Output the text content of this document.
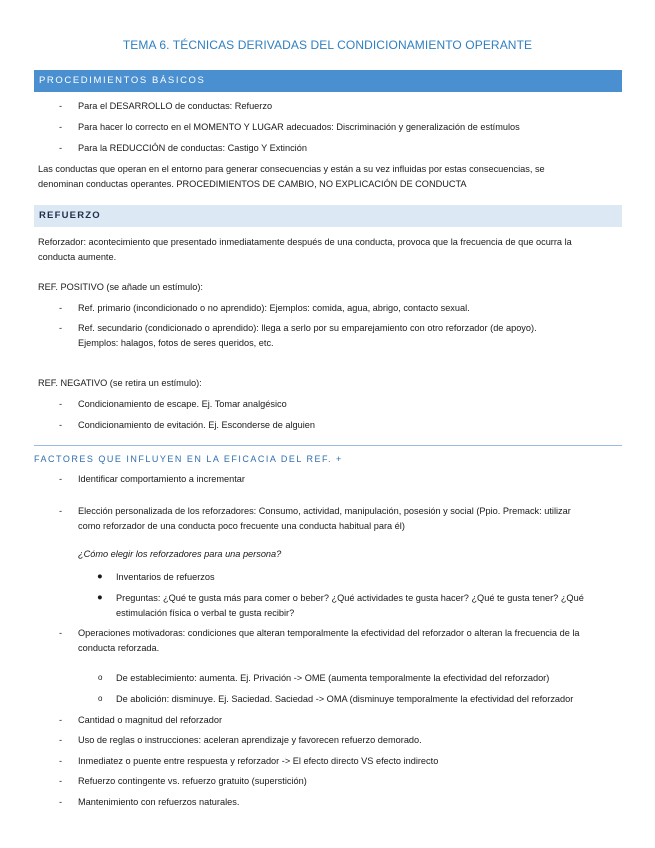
TEMA 6. TÉCNICAS DERIVADAS DEL CONDICIONAMIENTO OPERANTE
PROCEDIMIENTOS BÁSICOS
- Para el DESARROLLO de conductas: Refuerzo
- Para hacer lo correcto en el MOMENTO Y LUGAR adecuados: Discriminación y generalización de estímulos
- Para la REDUCCIÓN de conductas: Castigo Y Extinción
Las conductas que operan en el entorno para generar consecuencias y están a su vez influidas por estas consecuencias, se
denominan conductas operantes. PROCEDIMIENTOS DE CAMBIO, NO EXPLICACIÓN DE CONDUCTA
REFUERZO
Reforzador: acontecimiento que presentado inmediatamente después de una conducta, provoca que la frecuencia de que ocurra la
conducta aumente.
REF. POSITIVO (se añade un estímulo):
- Ref. primario (incondicionado o no aprendido): Ejemplos: comida, agua, abrigo, contacto sexual.
- Ref. secundario (condicionado o aprendido): llega a serlo por su emparejamiento con otro reforzador (de apoyo).
Ejemplos: halagos, fotos de seres queridos, etc.
REF. NEGATIVO (se retira un estímulo):
- Condicionamiento de escape. Ej. Tomar analgésico
- Condicionamiento de evitación. Ej. Esconderse de alguien
FACTORES QUE INFLUYEN EN LA EFICACIA DEL REF. +
- Identificar comportamiento a incrementar
- Elección personalizada de los reforzadores: Consumo, actividad, manipulación, posesión y social (Ppio. Premack: utilizar
como reforzador de una conducta poco frecuente una conducta habitual para él)
¿Cómo elegir los reforzadores para una persona?
● Inventarios de refuerzos
● Preguntas: ¿Qué te gusta más para comer o beber? ¿Qué actividades te gusta hacer? ¿Qué te gusta tener? ¿Qué
estimulación física o verbal te gusta recibir?
- Operaciones motivadoras: condiciones que alteran temporalmente la efectividad del reforzador o alteran la frecuencia de la
conducta reforzada.
o De establecimiento: aumenta. Ej. Privación -> OME (aumenta temporalmente la efectividad del reforzador)
o De abolición: disminuye. Ej. Saciedad. Saciedad -> OMA (disminuye temporalmente la efectividad del reforzador
- Cantidad o magnitud del reforzador
- Uso de reglas o instrucciones: aceleran aprendizaje y favorecen refuerzo demorado.
- Inmediatez o puente entre respuesta y reforzador -> El efecto directo VS efecto indirecto
- Refuerzo contingente vs. refuerzo gratuito (superstición)
- Mantenimiento con refuerzos naturales.
